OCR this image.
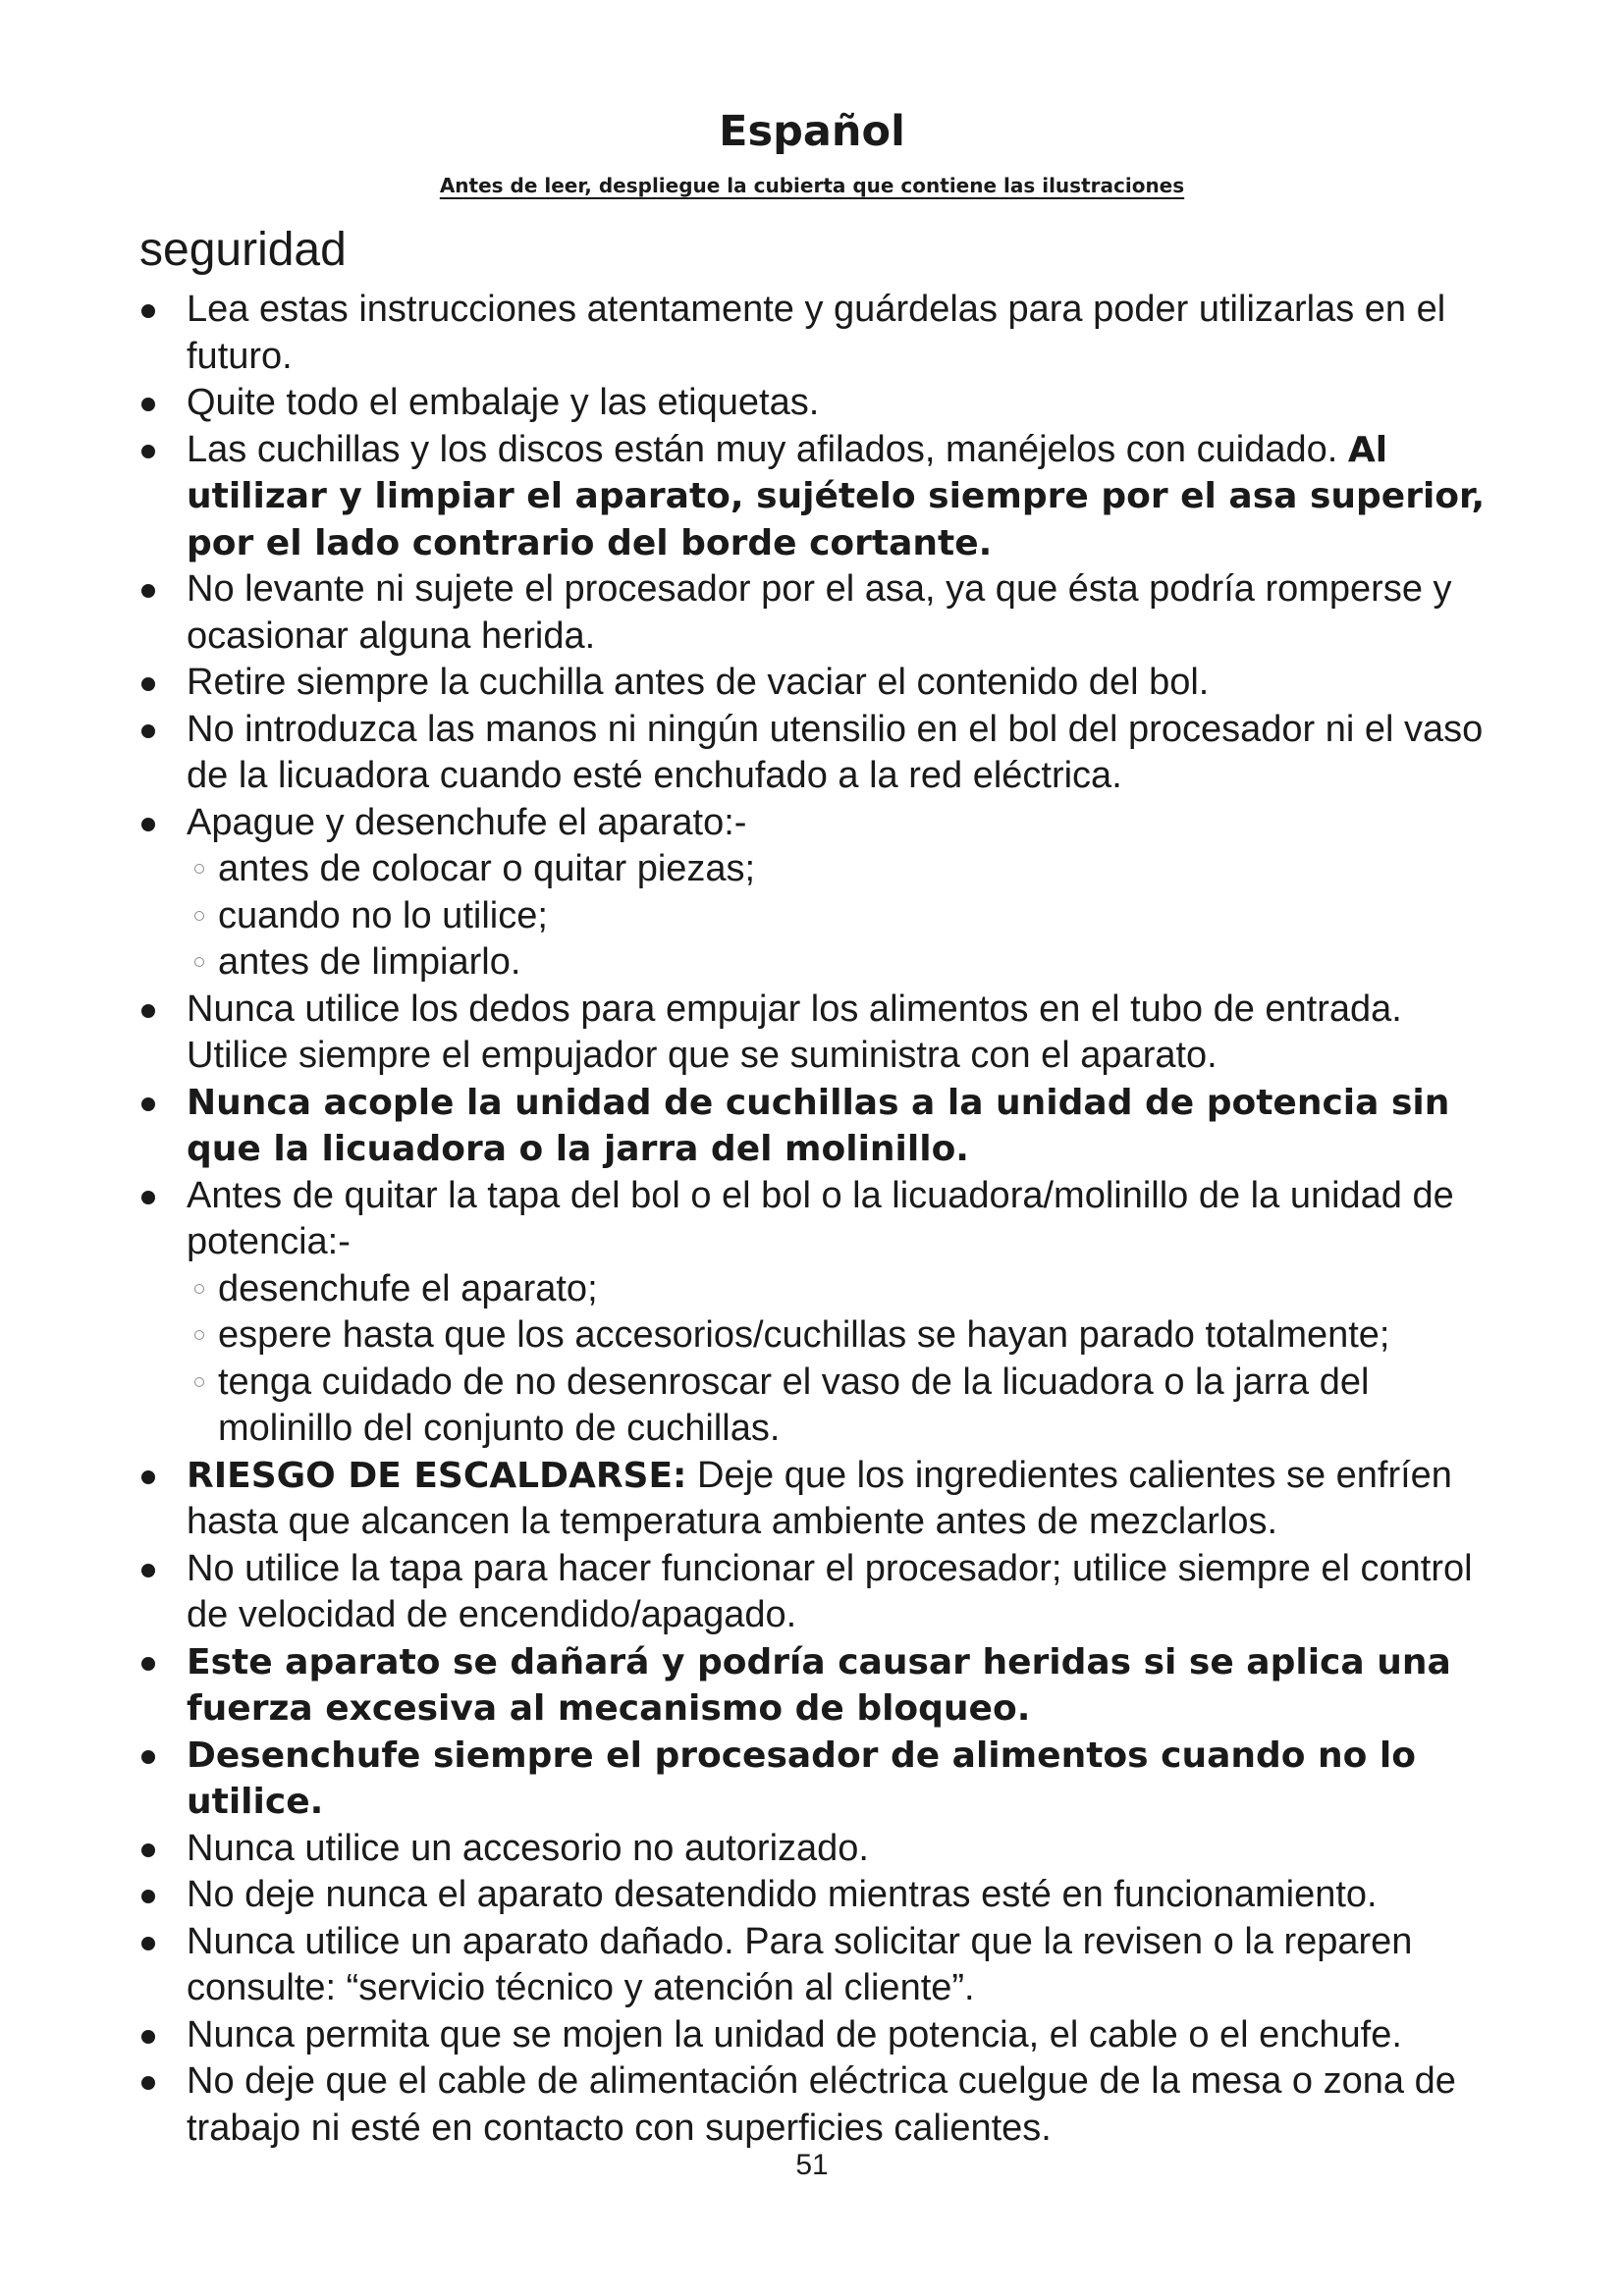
Español
Antes de leer, despliegue la cubierta que contiene las ilustraciones
seguridad
Lea estas instrucciones atentamente y guárdelas para poder utilizarlas en el futuro.
Quite todo el embalaje y las etiquetas.
Las cuchillas y los discos están muy afilados, manéjelos con cuidado. Al utilizar y limpiar el aparato, sujételo siempre por el asa superior, por el lado contrario del borde cortante.
No levante ni sujete el procesador por el asa, ya que ésta podría romperse y ocasionar alguna herida.
Retire siempre la cuchilla antes de vaciar el contenido del bol.
No introduzca las manos ni ningún utensilio en el bol del procesador ni el vaso de la licuadora cuando esté enchufado a la red eléctrica.
Apague y desenchufe el aparato:-
antes de colocar o quitar piezas;
cuando no lo utilice;
antes de limpiarlo.
Nunca utilice los dedos para empujar los alimentos en el tubo de entrada. Utilice siempre el empujador que se suministra con el aparato.
Nunca acople la unidad de cuchillas a la unidad de potencia sin que la licuadora o la jarra del molinillo.
Antes de quitar la tapa del bol o el bol o la licuadora/molinillo de la unidad de potencia:-
desenchufe el aparato;
espere hasta que los accesorios/cuchillas se hayan parado totalmente;
tenga cuidado de no desenroscar el vaso de la licuadora o la jarra del molinillo del conjunto de cuchillas.
RIESGO DE ESCALDARSE: Deje que los ingredientes calientes se enfríen hasta que alcancen la temperatura ambiente antes de mezclarlos.
No utilice la tapa para hacer funcionar el procesador; utilice siempre el control de velocidad de encendido/apagado.
Este aparato se dañará y podría causar heridas si se aplica una fuerza excesiva al mecanismo de bloqueo.
Desenchufe siempre el procesador de alimentos cuando no lo utilice.
Nunca utilice un accesorio no autorizado.
No deje nunca el aparato desatendido mientras esté en funcionamiento.
Nunca utilice un aparato dañado. Para solicitar que la revisen o la reparen consulte: “servicio técnico y atención al cliente”.
Nunca permita que se mojen la unidad de potencia, el cable o el enchufe.
No deje que el cable de alimentación eléctrica cuelgue de la mesa o zona de trabajo ni esté en contacto con superficies calientes.
51
